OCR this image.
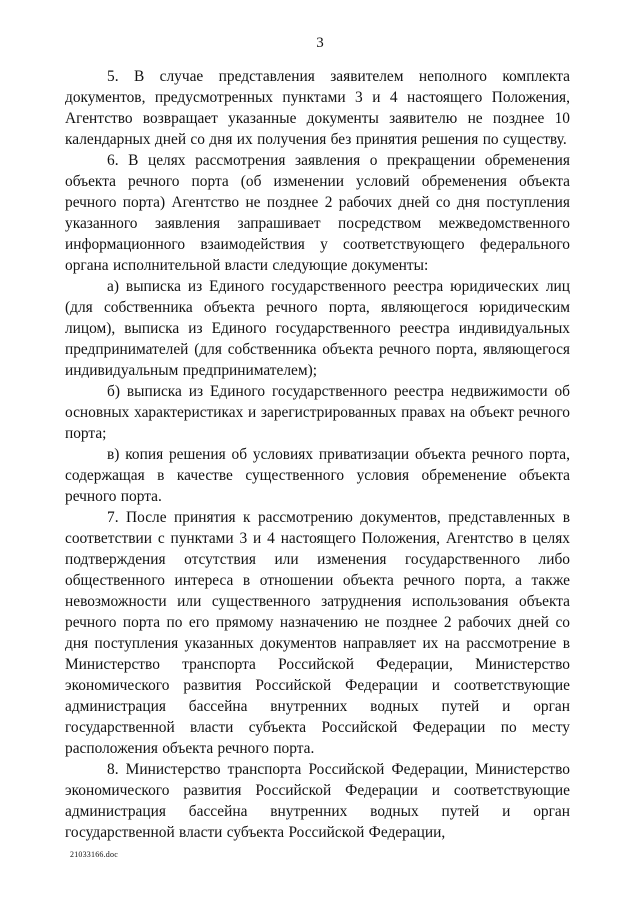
3

5. В случае представления заявителем неполного комплекта документов, предусмотренных пунктами 3 и 4 настоящего Положения, Агентство возвращает указанные документы заявителю не позднее 10 календарных дней со дня их получения без принятия решения по существу.

6. В целях рассмотрения заявления о прекращении обременения объекта речного порта (об изменении условий обременения объекта речного порта) Агентство не позднее 2 рабочих дней со дня поступления указанного заявления запрашивает посредством межведомственного информационного взаимодействия у соответствующего федерального органа исполнительной власти следующие документы:

а) выписка из Единого государственного реестра юридических лиц (для собственника объекта речного порта, являющегося юридическим лицом), выписка из Единого государственного реестра индивидуальных предпринимателей (для собственника объекта речного порта, являющегося индивидуальным предпринимателем);

б) выписка из Единого государственного реестра недвижимости об основных характеристиках и зарегистрированных правах на объект речного порта;

в) копия решения об условиях приватизации объекта речного порта, содержащая в качестве существенного условия обременение объекта речного порта.

7. После принятия к рассмотрению документов, представленных в соответствии с пунктами 3 и 4 настоящего Положения, Агентство в целях подтверждения отсутствия или изменения государственного либо общественного интереса в отношении объекта речного порта, а также невозможности или существенного затруднения использования объекта речного порта по его прямому назначению не позднее 2 рабочих дней со дня поступления указанных документов направляет их на рассмотрение в Министерство транспорта Российской Федерации, Министерство экономического развития Российской Федерации и соответствующие администрация бассейна внутренних водных путей и орган государственной власти субъекта Российской Федерации по месту расположения объекта речного порта.

8. Министерство транспорта Российской Федерации, Министерство экономического развития Российской Федерации и соответствующие администрация бассейна внутренних водных путей и орган государственной власти субъекта Российской Федерации,

21033166.doc
